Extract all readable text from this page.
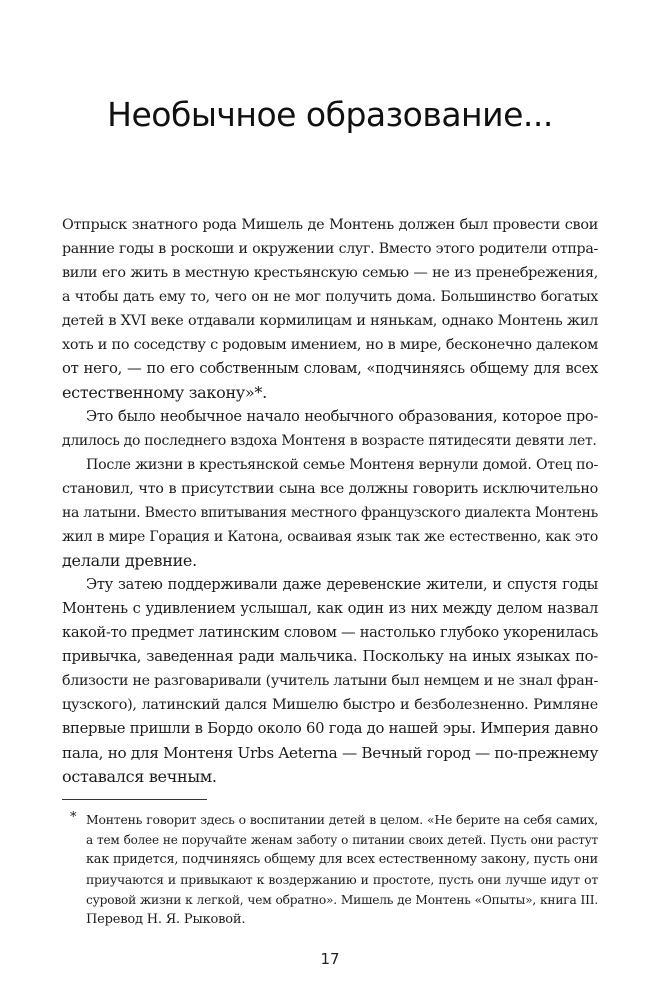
Необычное образование...
Отпрыск знатного рода Мишель де Монтень должен был провести свои
ранние годы в роскоши и окружении слуг. Вместо этого родители отпра-
вили его жить в местную крестьянскую семью — не из пренебрежения,
а чтобы дать ему то, чего он не мог получить дома. Большинство богатых
детей в XVI веке отдавали кормилицам и нянькам, однако Монтень жил
хоть и по соседству с родовым имением, но в мире, бесконечно далеком
от него, — по его собственным словам, «подчиняясь общему для всех
естественному закону»*.
Это было необычное начало необычного образования, которое про-
длилось до последнего вздоха Монтеня в возрасте пятидесяти девяти лет.
После жизни в крестьянской семье Монтеня вернули домой. Отец по-
становил, что в присутствии сына все должны говорить исключительно
на латыни. Вместо впитывания местного французского диалекта Монтень
жил в мире Горация и Катона, осваивая язык так же естественно, как это
делали древние.
Эту затею поддерживали даже деревенские жители, и спустя годы
Монтень с удивлением услышал, как один из них между делом назвал
какой-то предмет латинским словом — настолько глубоко укоренилась
привычка, заведенная ради мальчика. Поскольку на иных языках по-
близости не разговаривали (учитель латыни был немцем и не знал фран-
цузского), латинский дался Мишелю быстро и безболезненно. Римляне
впервые пришли в Бордо около 60 года до нашей эры. Империя давно
пала, но для Монтеня Urbs Aeterna — Вечный город — по-прежнему
оставался вечным.
* Монтень говорит здесь о воспитании детей в целом. «Не берите на себя самих,
а тем более не поручайте женам заботу о питании своих детей. Пусть они растут
как придется, подчиняясь общему для всех естественному закону, пусть они
приучаются и привыкают к воздержанию и простоте, пусть они лучше идут от
суровой жизни к легкой, чем обратно». Мишель де Монтень «Опыты», книга III.
Перевод Н. Я. Рыковой.
17
